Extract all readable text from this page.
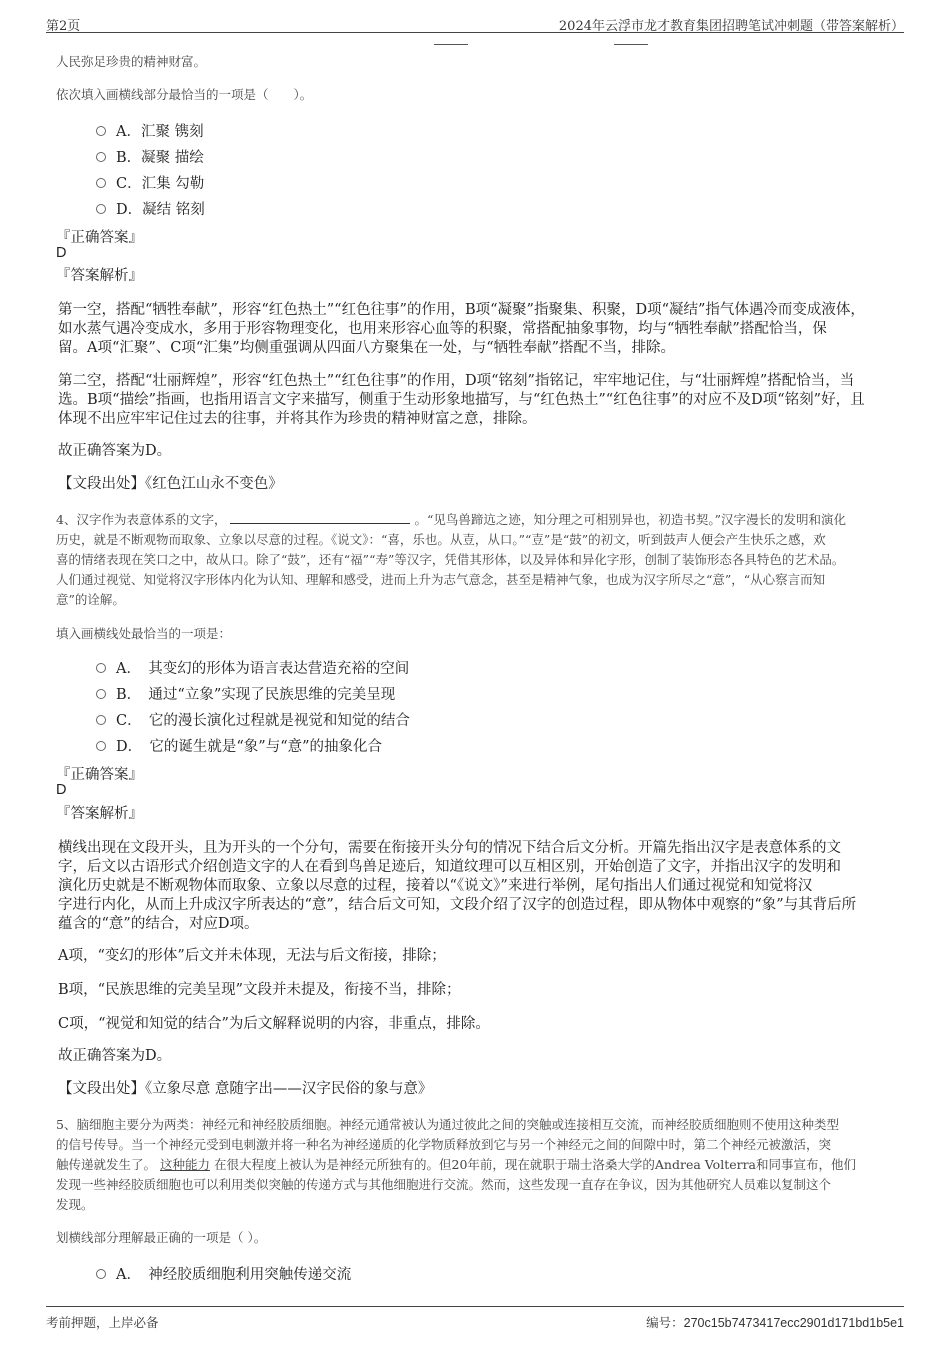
第2页	2024年云浮市龙才教育集团招聘笔试冲刺题（带答案解析）
人民弥足珍贵的精神财富。
依次填入画横线部分最恰当的一项是（　　）。
A．汇聚 镌刻
B．凝聚 描绘
C．汇集 勾勒
D．凝结 铭刻
『正确答案』
D
『答案解析』
第一空，搭配“牺牲奉献”，形容“红色热土”“红色往事”的作用，B项“凝聚”指聚集、积聚，D项“凝结”指气体遇冷而变成液体，
如水蒸气遇冷变成水，多用于形容物理变化，也用来形容心血等的积聚，常搭配抽象事物，均与“牺牲奉献”搭配恰当，保
留。A项“汇聚”、C项“汇集”均侧重强调从四面八方聚集在一处，与“牺牲奉献”搭配不当，排除。
第二空，搭配“壮丽辉煌”，形容“红色热土”“红色往事”的作用，D项“铭刻”指铭记，牢牢地记住，与“壮丽辉煌”搭配恰当，当
选。B项“描绘”指画，也指用语言文字来描写，侧重于生动形象地描写，与“红色热土”“红色往事”的对应不及D项“铭刻”好，且
体现不出应牢牢记住过去的往事，并将其作为珍贵的精神财富之意，排除。
故正确答案为D。
【文段出处】《红色江山永不变色》
4、汉字作为表意体系的文字，	。“见鸟兽蹄迒之迹，知分理之可相别异也，初造书契。”汉字漫长的发明和演化
历史，就是不断观物而取象、立象以尽意的过程。《说文》：“喜，乐也。从壴，从口。”“壴”是“鼓”的初文，听到鼓声人便会产生快乐之感，欢
喜的情绪表现在笑口之中，故从口。除了“鼓”，还有“福”“寿”等汉字，凭借其形体，以及异体和异化字形，创制了装饰形态各具特色的艺术品。
人们通过视觉、知觉将汉字形体内化为认知、理解和感受，进而上升为志气意念，甚至是精神气象，也成为汉字所尽之“意”，“从心察言而知
意”的诠解。
填入画横线处最恰当的一项是：
A．　其变幻的形体为语言表达营造充裕的空间
B．　通过“立象”实现了民族思维的完美呈现
C．　它的漫长演化过程就是视觉和知觉的结合
D．　它的诞生就是“象”与“意”的抽象化合
『正确答案』
D
『答案解析』
横线出现在文段开头，且为开头的一个分句，需要在衔接开头分句的情况下结合后文分析。开篇先指出汉字是表意体系的文
字，后文以古语形式介绍创造文字的人在看到鸟兽足迹后，知道纹理可以互相区别，开始创造了文字，并指出汉字的发明和
演化历史就是不断观物体而取象、立象以尽意的过程，接着以“《说文》”来进行举例，尾句指出人们通过视觉和知觉将汉
字进行内化，从而上升成汉字所表达的“意”，结合后文可知，文段介绍了汉字的创造过程，即从物体中观察的“象”与其背后所
蕴含的“意”的结合，对应D项。
A项，“变幻的形体”后文并未体现，无法与后文衔接，排除；
B项，“民族思维的完美呈现”文段并未提及，衔接不当，排除；
C项，“视觉和知觉的结合”为后文解释说明的内容，非重点，排除。
故正确答案为D。
【文段出处】《立象尽意 意随字出——汉字民俗的象与意》
5、脑细胞主要分为两类：神经元和神经胶质细胞。神经元通常被认为通过彼此之间的突触或连接相互交流，而神经胶质细胞则不使用这种类型
的信号传导。当一个神经元受到电刺激并将一种名为神经递质的化学物质释放到它与另一个神经元之间的间隙中时，第二个神经元被激活，突
触传递就发生了。 这种能力 在很大程度上被认为是神经元所独有的。但20年前，现在就职于瑞士洛桑大学的Andrea Volterra和同事宣布，他们
发现一些神经胶质细胞也可以利用类似突触的传递方式与其他细胞进行交流。然而，这些发现一直存在争议，因为其他研究人员难以复制这个
发现。
划横线部分理解最正确的一项是（ ）。
A．　神经胶质细胞利用突触传递交流
考前押题，上岸必备	编号：270c15b7473417ecc2901d171bd1b5e1
